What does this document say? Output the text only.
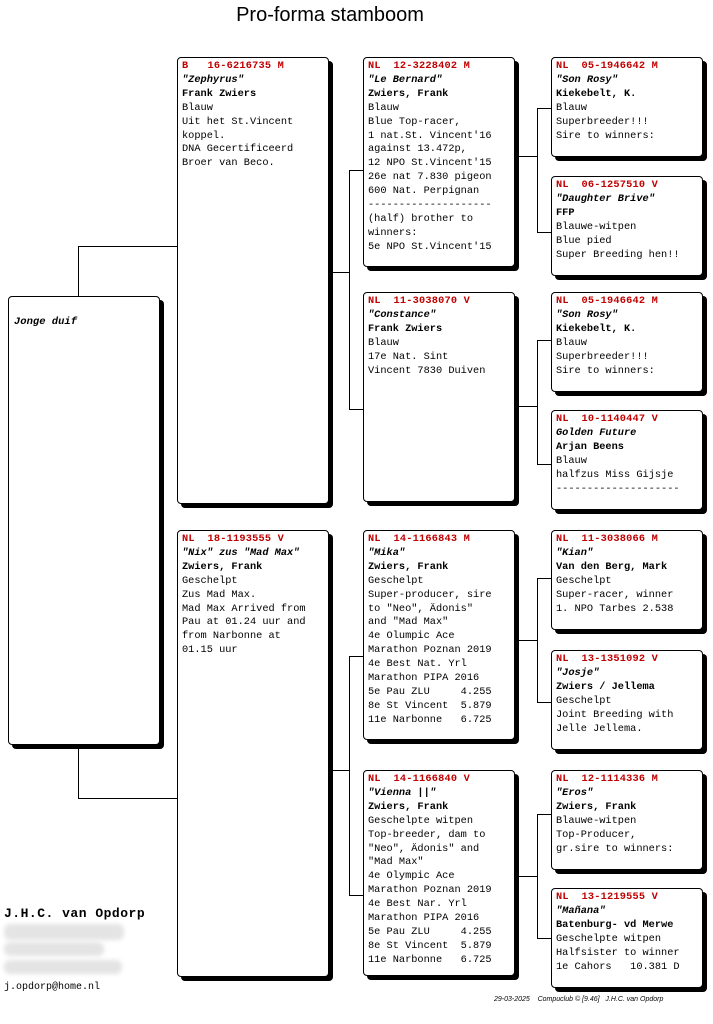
Pro-forma stamboom
Jonge duif
B   16-6216735 M
"Zephyrus"
Frank Zwiers
Blauw
Uit het St.Vincent
koppel.
DNA Gecertificeerd
Broer van Beco.
NL  18-1193555 V
"Nix" zus "Mad Max"
Zwiers, Frank
Geschelpt
Zus Mad Max.
Mad Max Arrived from
Pau at 01.24 uur and
from Narbonne at
01.15 uur
NL  12-3228402 M
"Le Bernard"
Zwiers, Frank
Blauw
Blue Top-racer,
1 nat.St. Vincent'16
against 13.472p,
12 NPO St.Vincent'15
26e nat 7.830 pigeon
600 Nat. Perpignan
--------------------
(half) brother to
winners:
5e NPO St.Vincent'15
NL  11-3038070 V
"Constance"
Frank Zwiers
Blauw
17e Nat. Sint
Vincent 7830 Duiven
NL  14-1166843 M
"Mika"
Zwiers, Frank
Geschelpt
Super-producer, sire
to "Neo", Ädonis"
and "Mad Max"
4e Olumpic Ace
Marathon Poznan 2019
4e Best Nat. Yrl
Marathon PIPA 2016
5e Pau ZLU     4.255
8e St Vincent  5.879
11e Narbonne   6.725
NL  14-1166840 V
"Vienna ||"
Zwiers, Frank
Geschelpte witpen
Top-breeder, dam to
"Neo", Ädonis" and
"Mad Max"
4e Olympic Ace
Marathon Poznan 2019
4e Best Nar. Yrl
Marathon PIPA 2016
5e Pau ZLU     4.255
8e St Vincent  5.879
11e Narbonne   6.725
NL  05-1946642 M
"Son Rosy"
Kiekebelt, K.
Blauw
Superbreeder!!!
Sire to winners:
NL  06-1257510 V
"Daughter Brive"
FFP
Blauwe-witpen
Blue pied
Super Breeding hen!!
NL  05-1946642 M
"Son Rosy"
Kiekebelt, K.
Blauw
Superbreeder!!!
Sire to winners:
NL  10-1140447 V
Golden Future
Arjan Beens
Blauw
halfzus Miss Gijsje
--------------------
NL  11-3038066 M
"Kian"
Van den Berg, Mark
Geschelpt
Super-racer, winner
1. NPO Tarbes 2.538
NL  13-1351092 V
"Josje"
Zwiers / Jellema
Geschelpt
Joint Breeding with
Jelle Jellema.
NL  12-1114336 M
"Eros"
Zwiers, Frank
Blauwe-witpen
Top-Producer,
gr.sire to winners:
NL  13-1219555 V
"Mañana"
Batenburg- vd Merwe
Geschelpte witpen
Halfsister to winner
1e Cahors   10.381 D
J.H.C. van Opdorp
j.opdorp@home.nl
29-03-2025    Compuclub © [9.46]   J.H.C. van Opdorp
